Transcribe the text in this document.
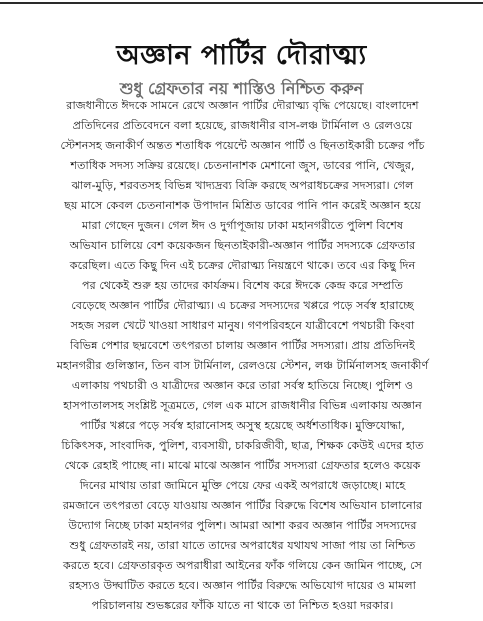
অজ্ঞান পার্টির দৌরাত্ম্য
শুধু গ্রেফতার নয় শাস্তিও নিশ্চিত করুন
রাজধানীতে ঈদকে সামনে রেখে অজ্ঞান পার্টির দৌরাত্ম্য বৃদ্ধি পেয়েছে। বাংলাদেশ
প্রতিদিনের প্রতিবেদনে বলা হয়েছে, রাজধানীর বাস-লঞ্চ টার্মিনাল ও রেলওয়ে
স্টেশনসহ জনাকীর্ণ অন্তত শতাধিক পয়েন্টে অজ্ঞান পার্টি ও ছিনতাইকারী চক্রের পাঁচ
শতাধিক সদস্য সক্রিয় রয়েছে। চেতনানাশক মেশানো জুস, ডাবের পানি, খেজুর,
ঝাল-মুড়ি, শরবতসহ বিভিন্ন খাদ্যদ্রব্য বিক্রি করছে অপরাধচক্রের সদস্যরা। গেল
ছয় মাসে কেবল চেতনানাশক উপাদান মিশ্রিত ডাবের পানি পান করেই অজ্ঞান হয়ে
মারা গেছেন দুজন। গেল ঈদ ও দুর্গাপূজায় ঢাকা মহানগরীতে পুলিশ বিশেষ
অভিযান চালিয়ে বেশ কয়েকজন ছিনতাইকারী-অজ্ঞান পার্টির সদস্যকে গ্রেফতার
করেছিল। এতে কিছু দিন এই চক্রের দৌরাত্ম্য নিয়ন্ত্রণে থাকে। তবে এর কিছু দিন
পর থেকেই শুরু হয় তাদের কার্যক্রম। বিশেষ করে ঈদকে কেন্দ্র করে সম্প্রতি
বেড়েছে অজ্ঞান পার্টির দৌরাত্ম্য। এ চক্রের সদস্যদের খপ্পরে পড়ে সর্বস্ব হারাচ্ছে
সহজ সরল খেটে খাওয়া সাধারণ মানুষ। গণপরিবহনে যাত্রীবেশে পথচারী কিংবা
বিভিন্ন পেশার ছদ্মবেশে তৎপরতা চালায় অজ্ঞান পার্টির সদস্যরা। প্রায় প্রতিদিনই
মহানগরীর গুলিস্তান, তিন বাস টার্মিনাল, রেলওয়ে স্টেশন, লঞ্চ টার্মিনালসহ জনাকীর্ণ
এলাকায় পথচারী ও যাত্রীদের অজ্ঞান করে তারা সর্বস্ব হাতিয়ে নিচ্ছে। পুলিশ ও
হাসপাতালসহ সংশ্লিষ্ট সূত্রমতে, গেল এক মাসে রাজধানীর বিভিন্ন এলাকায় অজ্ঞান
পার্টির খপ্পরে পড়ে সর্বস্ব হারানোসহ অসুস্থ হয়েছে অর্ধশতাধিক। মুক্তিযোদ্ধা,
চিকিৎসক, সাংবাদিক, পুলিশ, ব্যবসায়ী, চাকরিজীবী, ছাত্র, শিক্ষক কেউই এদের হাত
থেকে রেহাই পাচ্ছে না। মাঝে মাঝে অজ্ঞান পার্টির সদস্যরা গ্রেফতার হলেও কয়েক
দিনের মাথায় তারা জামিনে মুক্তি পেয়ে ফের একই অপরাধে জড়াচ্ছে। মাহে
রমজানে তৎপরতা বেড়ে যাওয়ায় অজ্ঞান পার্টির বিরুদ্ধে বিশেষ অভিযান চালানোর
উদ্যোগ নিচ্ছে ঢাকা মহানগর পুলিশ। আমরা আশা করব অজ্ঞান পার্টির সদস্যদের
শুধু গ্রেফতারই নয়, তারা যাতে তাদের অপরাধের যথাযথ সাজা পায় তা নিশ্চিত
করতে হবে। গ্রেফতারকৃত অপরাধীরা আইনের ফাঁক গলিয়ে কেন জামিন পাচ্ছে, সে
রহস্যও উদ্ঘাটিত করতে হবে। অজ্ঞান পার্টির বিরুদ্ধে অভিযোগ দায়ের ও মামলা
পরিচালনায় শুভঙ্করের ফাঁকি যাতে না থাকে তা নিশ্চিত হওয়া দরকার।
